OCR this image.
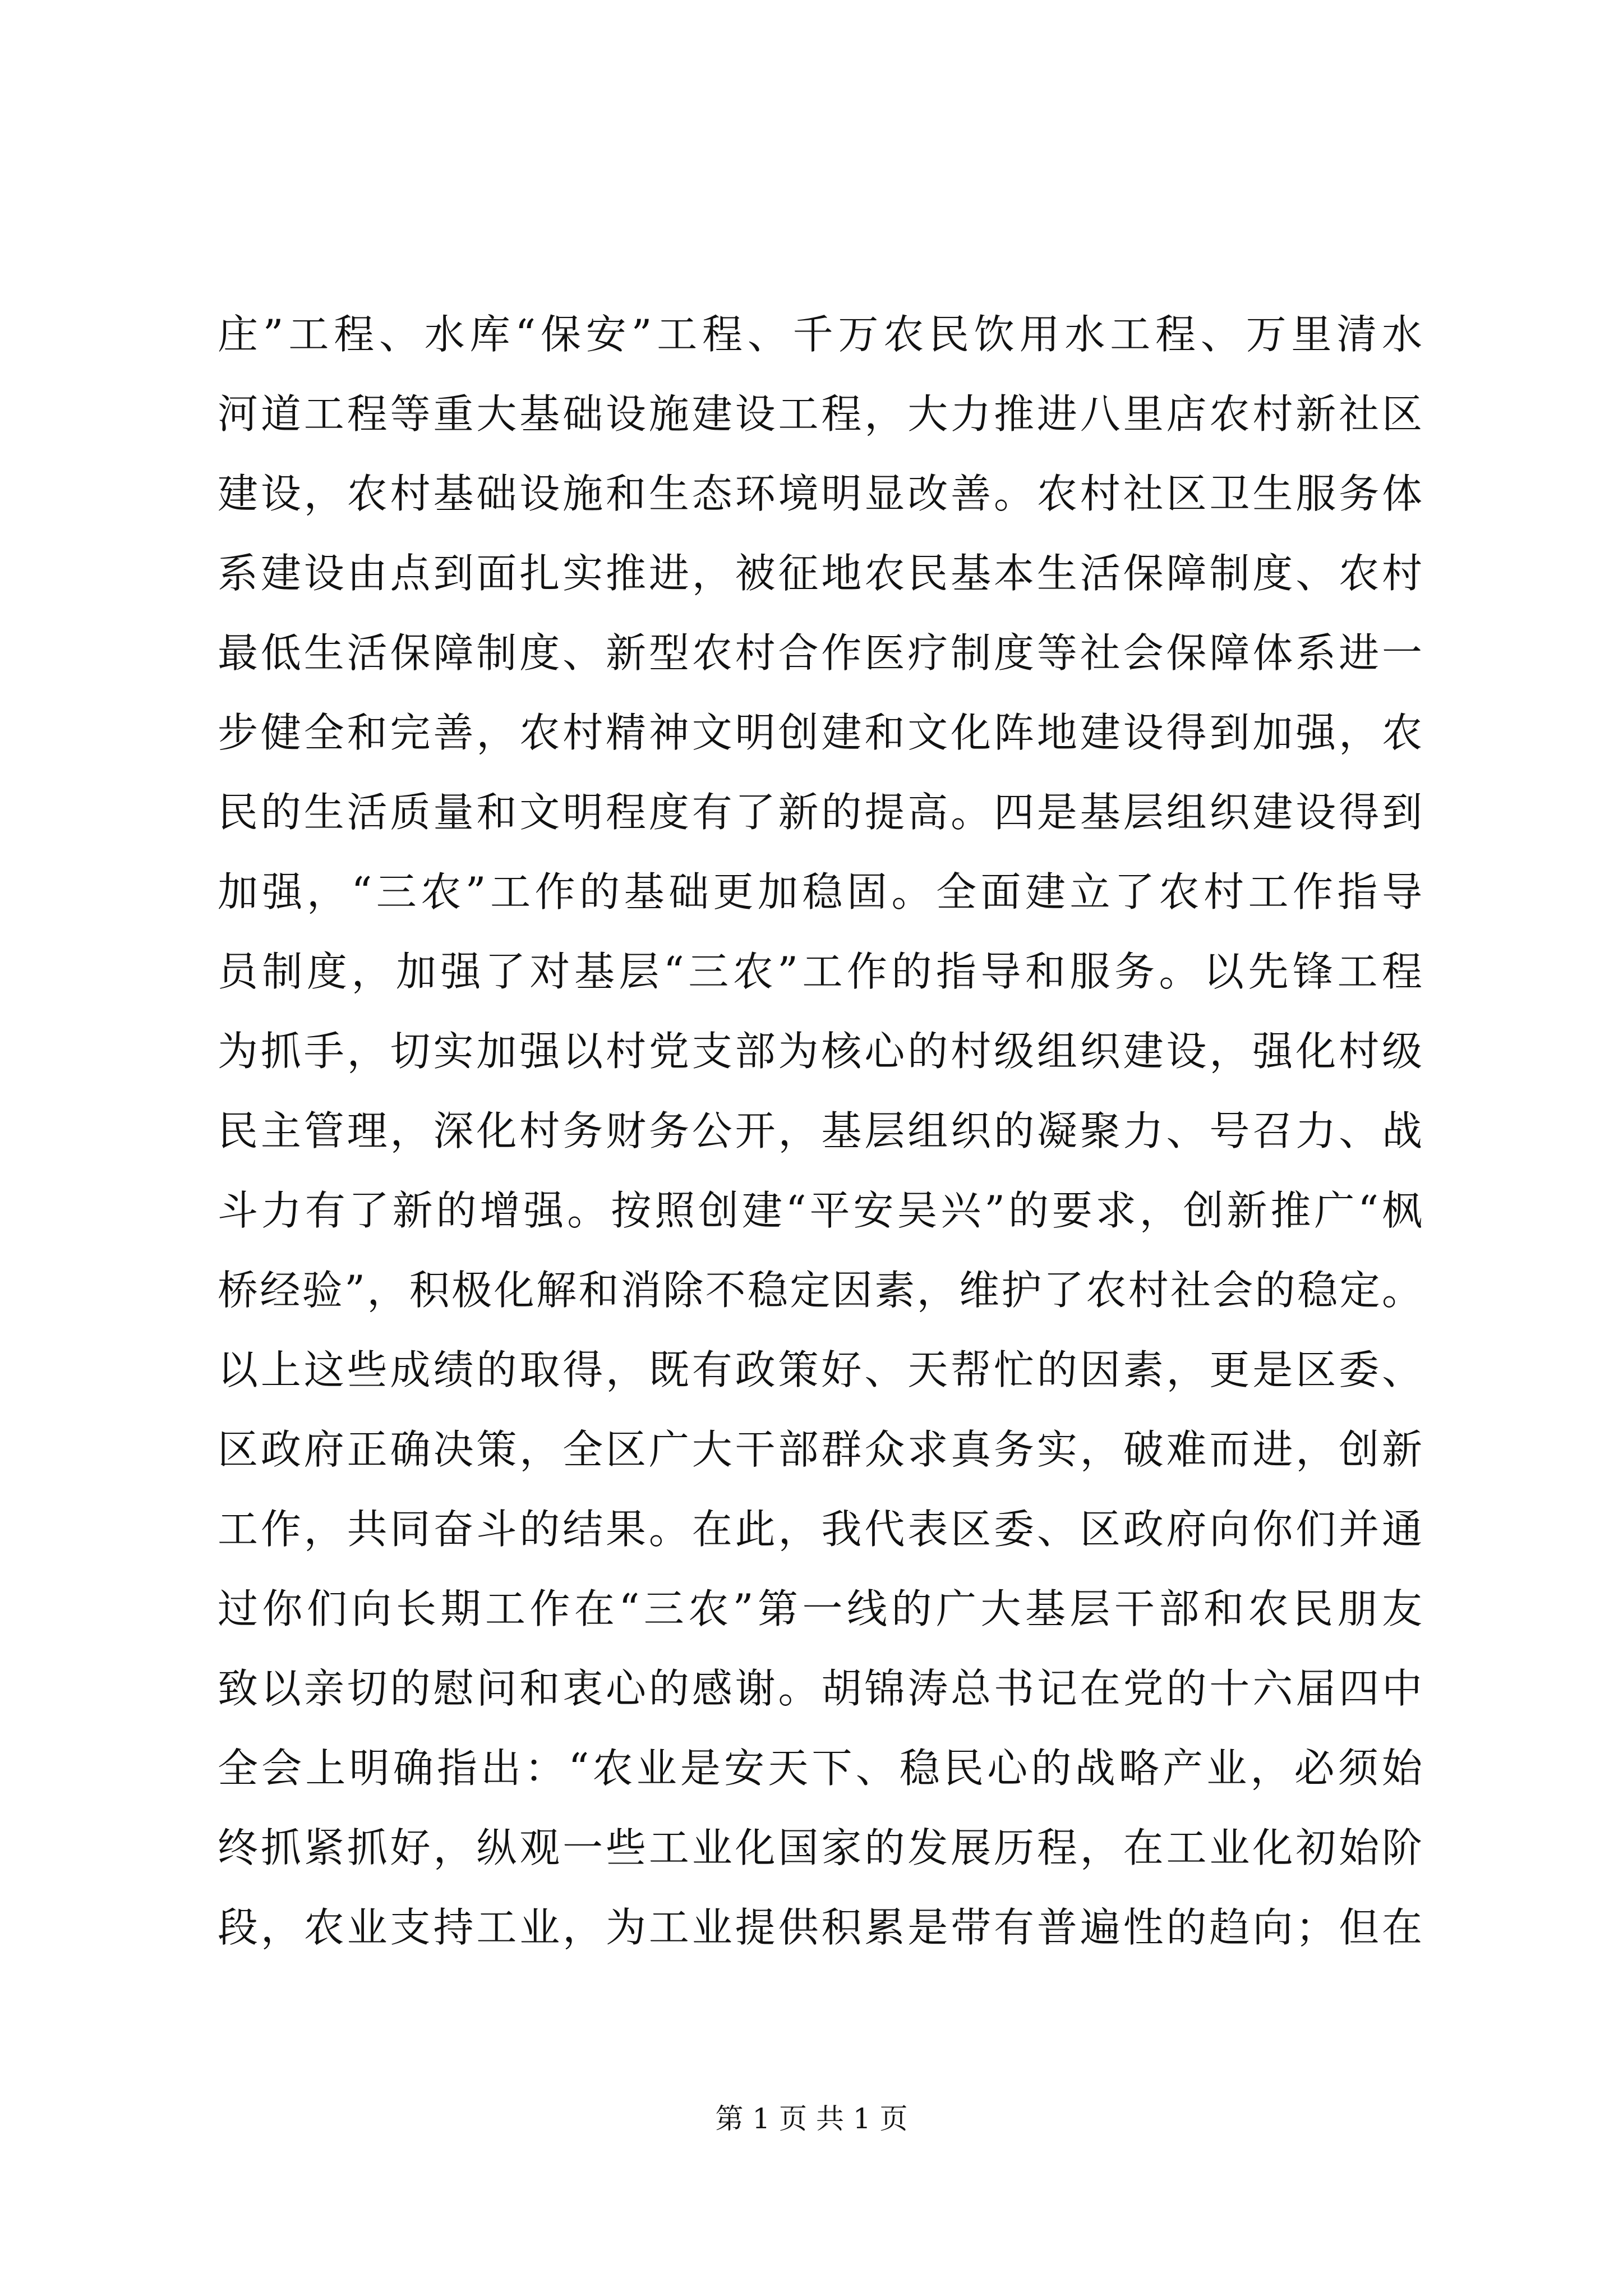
庄”工程、水库“保安”工程、千万农民饮用水工程、万里清水
河道工程等重大基础设施建设工程，大力推进八里店农村新社区
建设，农村基础设施和生态环境明显改善。农村社区卫生服务体
系建设由点到面扎实推进，被征地农民基本生活保障制度、农村
最低生活保障制度、新型农村合作医疗制度等社会保障体系进一
步健全和完善，农村精神文明创建和文化阵地建设得到加强，农
民的生活质量和文明程度有了新的提高。四是基层组织建设得到
加强，“三农”工作的基础更加稳固。全面建立了农村工作指导
员制度，加强了对基层“三农”工作的指导和服务。以先锋工程
为抓手，切实加强以村党支部为核心的村级组织建设，强化村级
民主管理，深化村务财务公开，基层组织的凝聚力、号召力、战
斗力有了新的增强。按照创建“平安吴兴”的要求，创新推广“枫
桥经验”，积极化解和消除不稳定因素，维护了农村社会的稳定。
以上这些成绩的取得，既有政策好、天帮忙的因素，更是区委、
区政府正确决策，全区广大干部群众求真务实，破难而进，创新
工作，共同奋斗的结果。在此，我代表区委、区政府向你们并通
过你们向长期工作在“三农”第一线的广大基层干部和农民朋友
致以亲切的慰问和衷心的感谢。胡锦涛总书记在党的十六届四中
全会上明确指出：“农业是安天下、稳民心的战略产业，必须始
终抓紧抓好，纵观一些工业化国家的发展历程，在工业化初始阶
段，农业支持工业，为工业提供积累是带有普遍性的趋向；但在
第 1 页 共 1 页
